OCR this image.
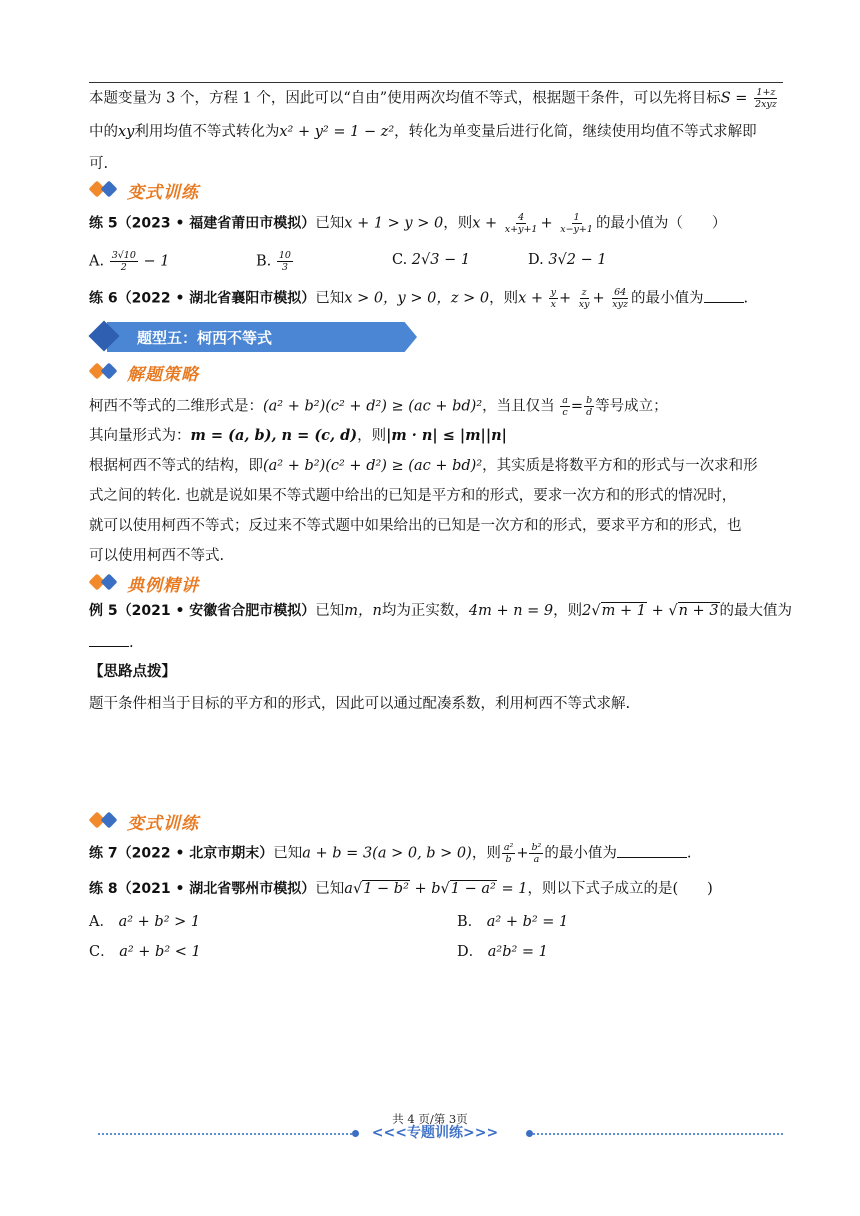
本题变量为 3 个，方程 1 个，因此可以“自由”使用两次均值不等式，根据题干条件，可以先将目标$S = \frac{1+z}{\text{2xyz}}$
中的xy利用均值不等式转化为x² + y² = 1 − z²，转化为单变量后进行化简，继续使用均值不等式求解即
可.
变式训练
练 5（2023 • 福建省莆田市模拟）已知x + 1 > y > 0，则$x + \frac{4}{x+y+1} + \frac{1}{x-y+1}$ 的最小值为（　　）
A. $\frac{3√10}{2} - 1$	B. $\frac{10}{3}$	C. 2√3 − 1	D. 3√2 − 1
练 6（2022 • 湖北省襄阳市模拟）已知x > 0，y > 0，z > 0，则$x + \frac{y}{x} + \frac{z}{xy} + \frac{64}{\text{xyz}}$ 的最小值为	.
题型五：柯西不等式
解题策略
柯西不等式的二维形式是：(a² + b²)(c² + d²) ≥ (ac + bd)²，当且仅当 $\frac{a}{c} = \frac{b}{d}$ 等号成立；
其向量形式为：m = (a, b), n = (c, d)，则|m · n| ≤ |m||n|
根据柯西不等式的结构，即(a² + b²)(c² + d²) ≥ (ac + bd)²，其实质是将数平方和的形式与一次求和形
式之间的转化. 也就是说如果不等式题中给出的已知是平方和的形式，要求一次方和的形式的情况时，
就可以使用柯西不等式；反过来不等式题中如果给出的已知是一次方和的形式，要求平方和的形式，也
可以使用柯西不等式.
典例精讲
例 5（2021 • 安徽省合肥市模拟）已知m，n均为正实数，4m + n = 9，则2√m + 1 + √n + 3的最大值为
.
【思路点拨】
题干条件相当于目标的平方和的形式，因此可以通过配凑系数，利用柯西不等式求解.
变式训练
练 7（2022 • 北京市期末）已知a + b = 3(a > 0, b > 0)，则 $\frac{\text{a²}}{b} + \frac{\text{b²}}{a}$ 的最小值为	.
练 8（2021 • 湖北省鄂州市模拟）已知a√1 − b² + b√1 − a² = 1，则以下式子成立的是(　　)
A． a² + b² > 1	B． a² + b² = 1
C． a² + b² < 1	D． a²b² = 1
共 4 页/第 3页
<<<专题训练>>>
